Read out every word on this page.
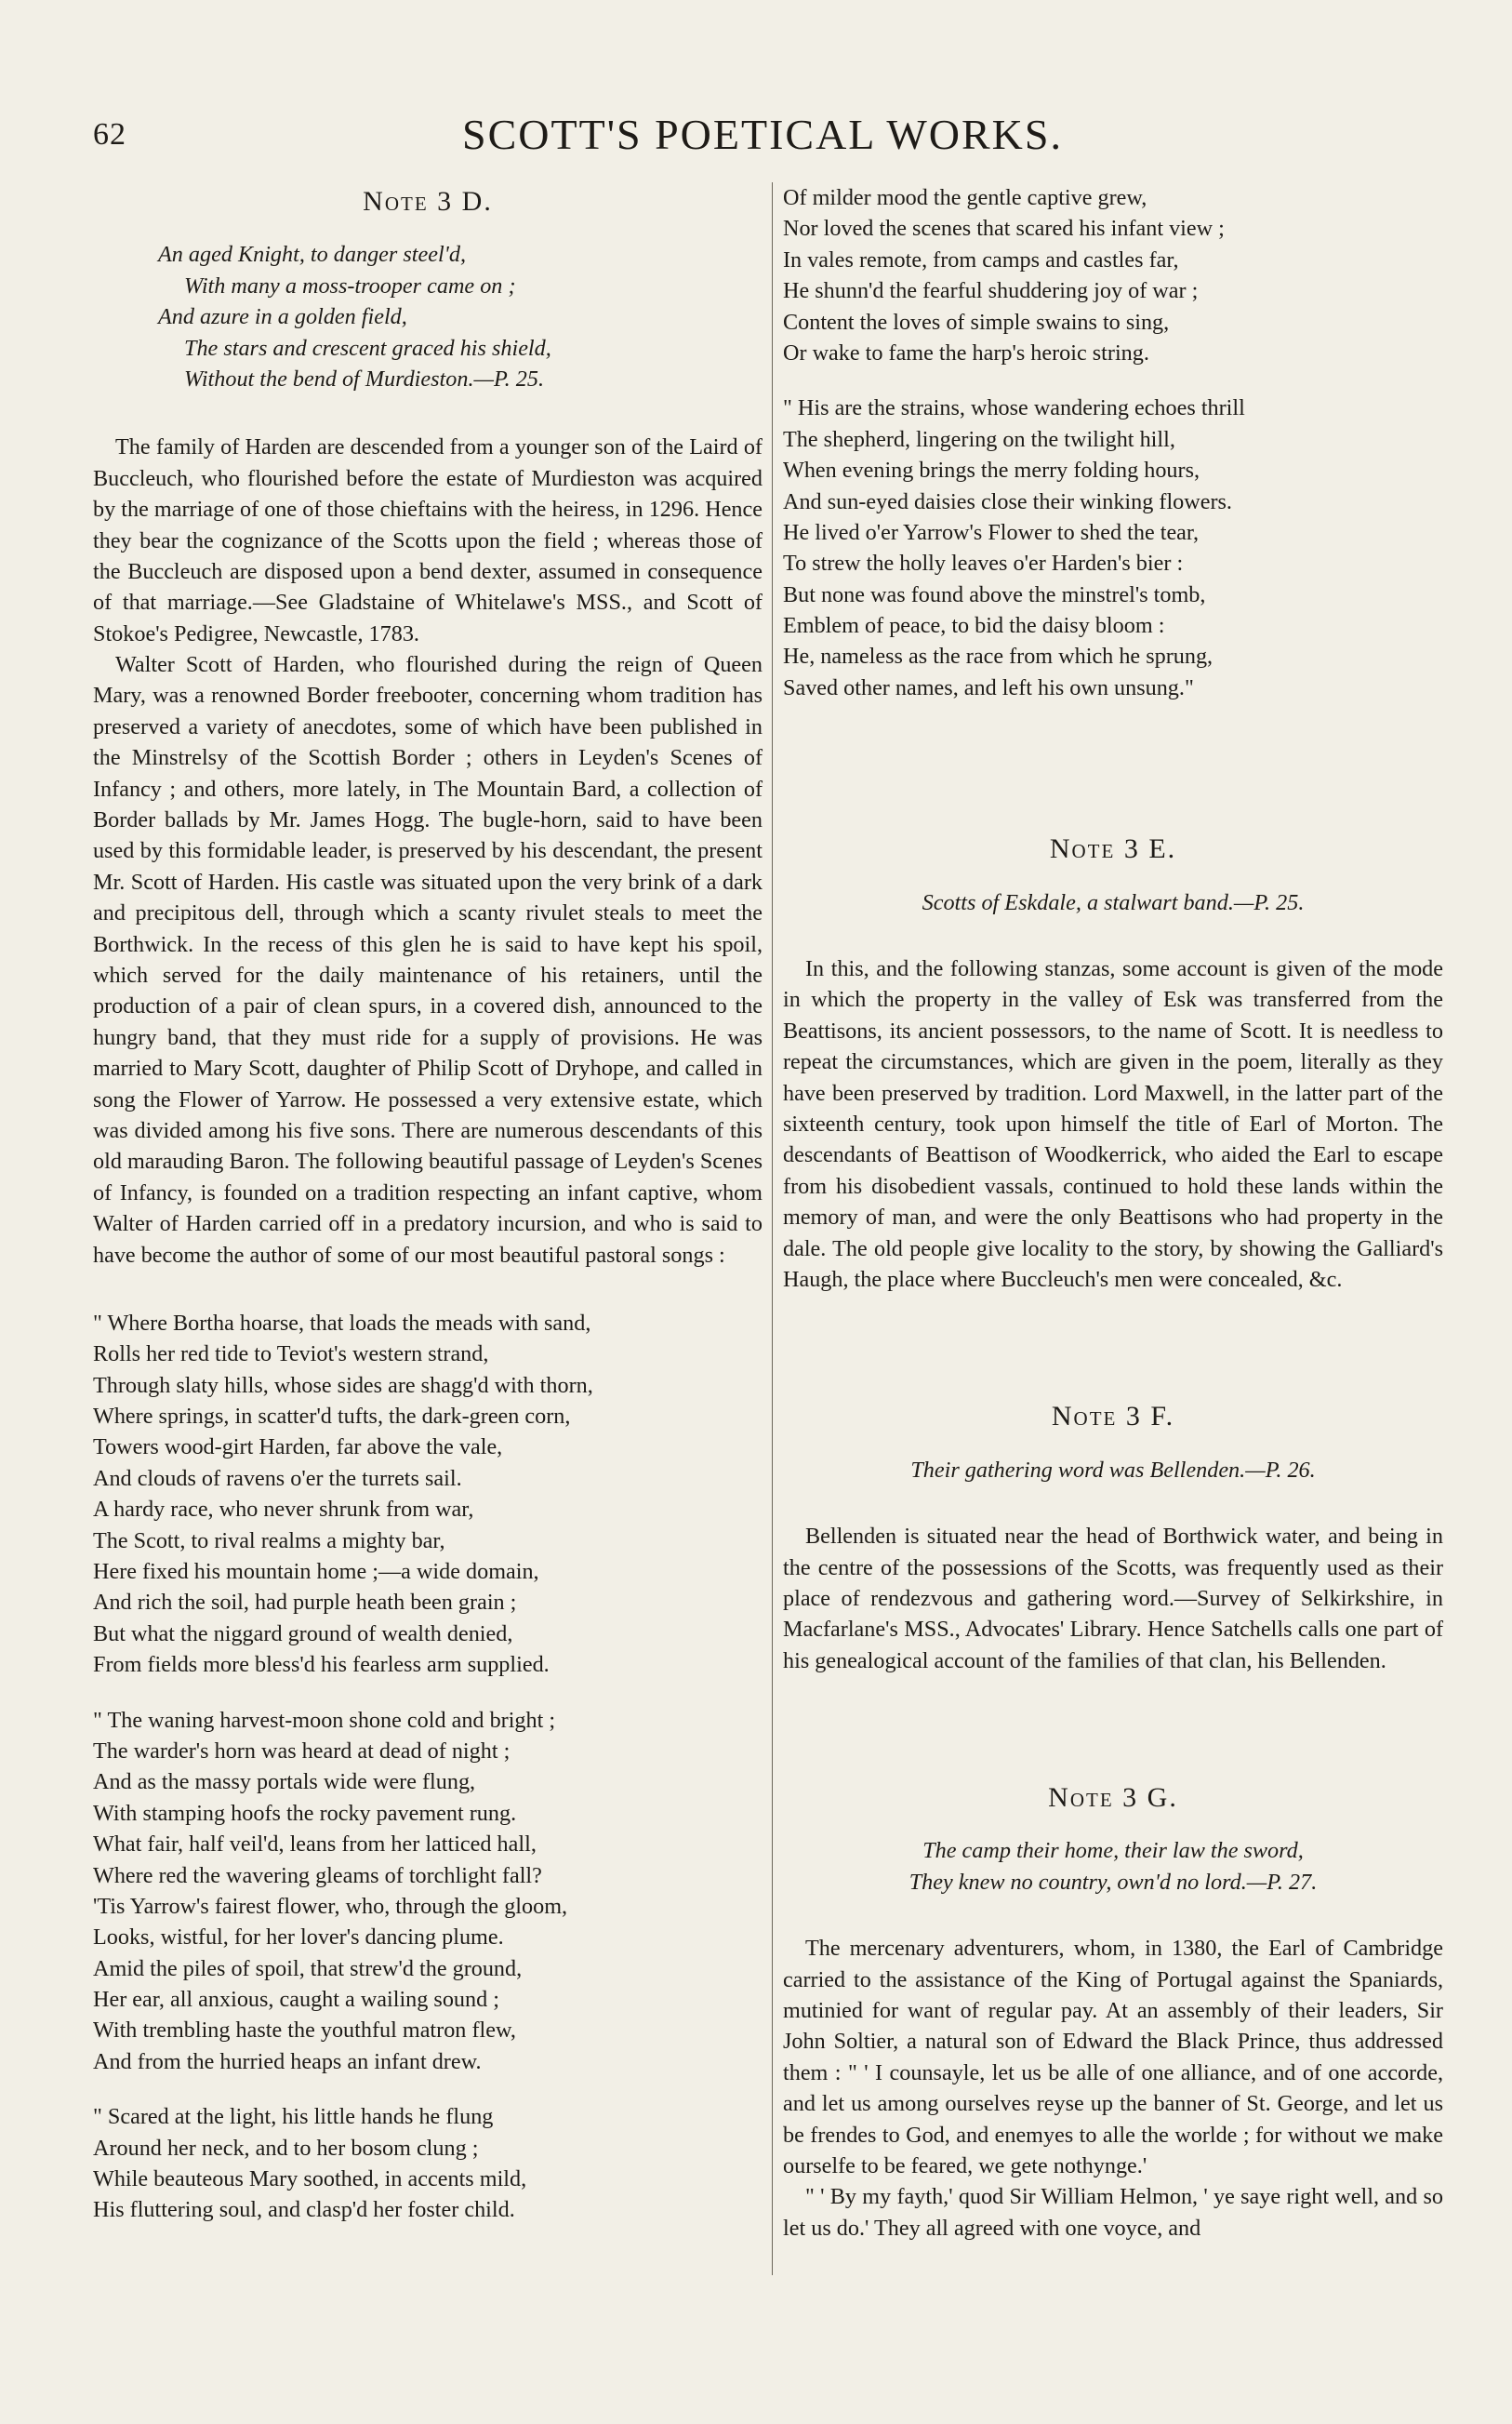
62	SCOTT'S POETICAL WORKS.
Note 3 D.
An aged Knight, to danger steel'd,
With many a moss-trooper came on ;
And azure in a golden field,
The stars and crescent graced his shield,
Without the bend of Murdieston.—P. 25.

The family of Harden are descended from a younger son of the Laird of Buccleuch, who flourished before the estate of Murdieston was acquired by the marriage of one of those chieftains with the heiress, in 1296. Hence they bear the cognizance of the Scotts upon the field ; whereas those of the Buccleuch are disposed upon a bend dexter, assumed in consequence of that marriage.—See Gladstaine of Whitelawe's MSS., and Scott of Stokoe's Pedigree, Newcastle, 1783.

Walter Scott of Harden, who flourished during the reign of Queen Mary, was a renowned Border freebooter, concerning whom tradition has preserved a variety of anecdotes, some of which have been published in the Minstrelsy of the Scottish Border ; others in Leyden's Scenes of Infancy ; and others, more lately, in The Mountain Bard, a collection of Border ballads by Mr. James Hogg. The bugle-horn, said to have been used by this formidable leader, is preserved by his descendant, the present Mr. Scott of Harden. His castle was situated upon the very brink of a dark and precipitous dell, through which a scanty rivulet steals to meet the Borthwick. In the recess of this glen he is said to have kept his spoil, which served for the daily maintenance of his retainers, until the production of a pair of clean spurs, in a covered dish, announced to the hungry band, that they must ride for a supply of provisions. He was married to Mary Scott, daughter of Philip Scott of Dryhope, and called in song the Flower of Yarrow. He possessed a very extensive estate, which was divided among his five sons. There are numerous descendants of this old marauding Baron. The following beautiful passage of Leyden's Scenes of Infancy, is founded on a tradition respecting an infant captive, whom Walter of Harden carried off in a predatory incursion, and who is said to have become the author of some of our most beautiful pastoral songs :

" Where Bortha hoarse, that loads the meads with sand,
Rolls her red tide to Teviot's western strand,
Through slaty hills, whose sides are shagg'd with thorn,
Where springs, in scatter'd tufts, the dark-green corn,
Towers wood-girt Harden, far above the vale,
And clouds of ravens o'er the turrets sail.
A hardy race, who never shrunk from war,
The Scott, to rival realms a mighty bar,
Here fixed his mountain home ;—a wide domain,
And rich the soil, had purple heath been grain ;
But what the niggard ground of wealth denied,
From fields more bless'd his fearless arm supplied.
" The waning harvest-moon shone cold and bright ;
The warder's horn was heard at dead of night ;
And as the massy portals wide were flung,
With stamping hoofs the rocky pavement rung.
What fair, half veil'd, leans from her latticed hall,
Where red the wavering gleams of torchlight fall?
'Tis Yarrow's fairest flower, who, through the gloom,
Looks, wistful, for her lover's dancing plume.
Amid the piles of spoil, that strew'd the ground,
Her ear, all anxious, caught a wailing sound ;
With trembling haste the youthful matron flew,
And from the hurried heaps an infant drew.
" Scared at the light, his little hands he flung
Around her neck, and to her bosom clung ;
While beauteous Mary soothed, in accents mild,
His fluttering soul, and clasp'd her foster child.
Of milder mood the gentle captive grew,
Nor loved the scenes that scared his infant view ;
In vales remote, from camps and castles far,
He shunn'd the fearful shuddering joy of war ;
Content the loves of simple swains to sing,
Or wake to fame the harp's heroic string.
" His are the strains, whose wandering echoes thrill
The shepherd, lingering on the twilight hill,
When evening brings the merry folding hours,
And sun-eyed daisies close their winking flowers.
He lived o'er Yarrow's Flower to shed the tear,
To strew the holly leaves o'er Harden's bier :
But none was found above the minstrel's tomb,
Emblem of peace, to bid the daisy bloom :
He, nameless as the race from which he sprung,
Saved other names, and left his own unsung."
Note 3 E.
Scotts of Eskdale, a stalwart band.—P. 25.

In this, and the following stanzas, some account is given of the mode in which the property in the valley of Esk was transferred from the Beattisons, its ancient possessors, to the name of Scott. It is needless to repeat the circumstances, which are given in the poem, literally as they have been preserved by tradition. Lord Maxwell, in the latter part of the sixteenth century, took upon himself the title of Earl of Morton. The descendants of Beattison of Woodkerrick, who aided the Earl to escape from his disobedient vassals, continued to hold these lands within the memory of man, and were the only Beattisons who had property in the dale. The old people give locality to the story, by showing the Galliard's Haugh, the place where Buccleuch's men were concealed, &c.

Note 3 F.
Their gathering word was Bellenden.—P. 26.

Bellenden is situated near the head of Borthwick water, and being in the centre of the possessions of the Scotts, was frequently used as their place of rendezvous and gathering word.—Survey of Selkirkshire, in Macfarlane's MSS., Advocates' Library. Hence Satchells calls one part of his genealogical account of the families of that clan, his Bellenden.

Note 3 G.
The camp their home, their law the sword,
They knew no country, own'd no lord.—P. 27.

The mercenary adventurers, whom, in 1380, the Earl of Cambridge carried to the assistance of the King of Portugal against the Spaniards, mutinied for want of regular pay. At an assembly of their leaders, Sir John Soltier, a natural son of Edward the Black Prince, thus addressed them : " ' I counsayle, let us be alle of one alliance, and of one accorde, and let us among ourselves reyse up the banner of St. George, and let us be frendes to God, and enemyes to alle the worlde ; for without we make ourselfe to be feared, we gete nothynge.'

" ' By my fayth,' quod Sir William Helmon, ' ye saye right well, and so let us do.' They all agreed with one voyce, and
